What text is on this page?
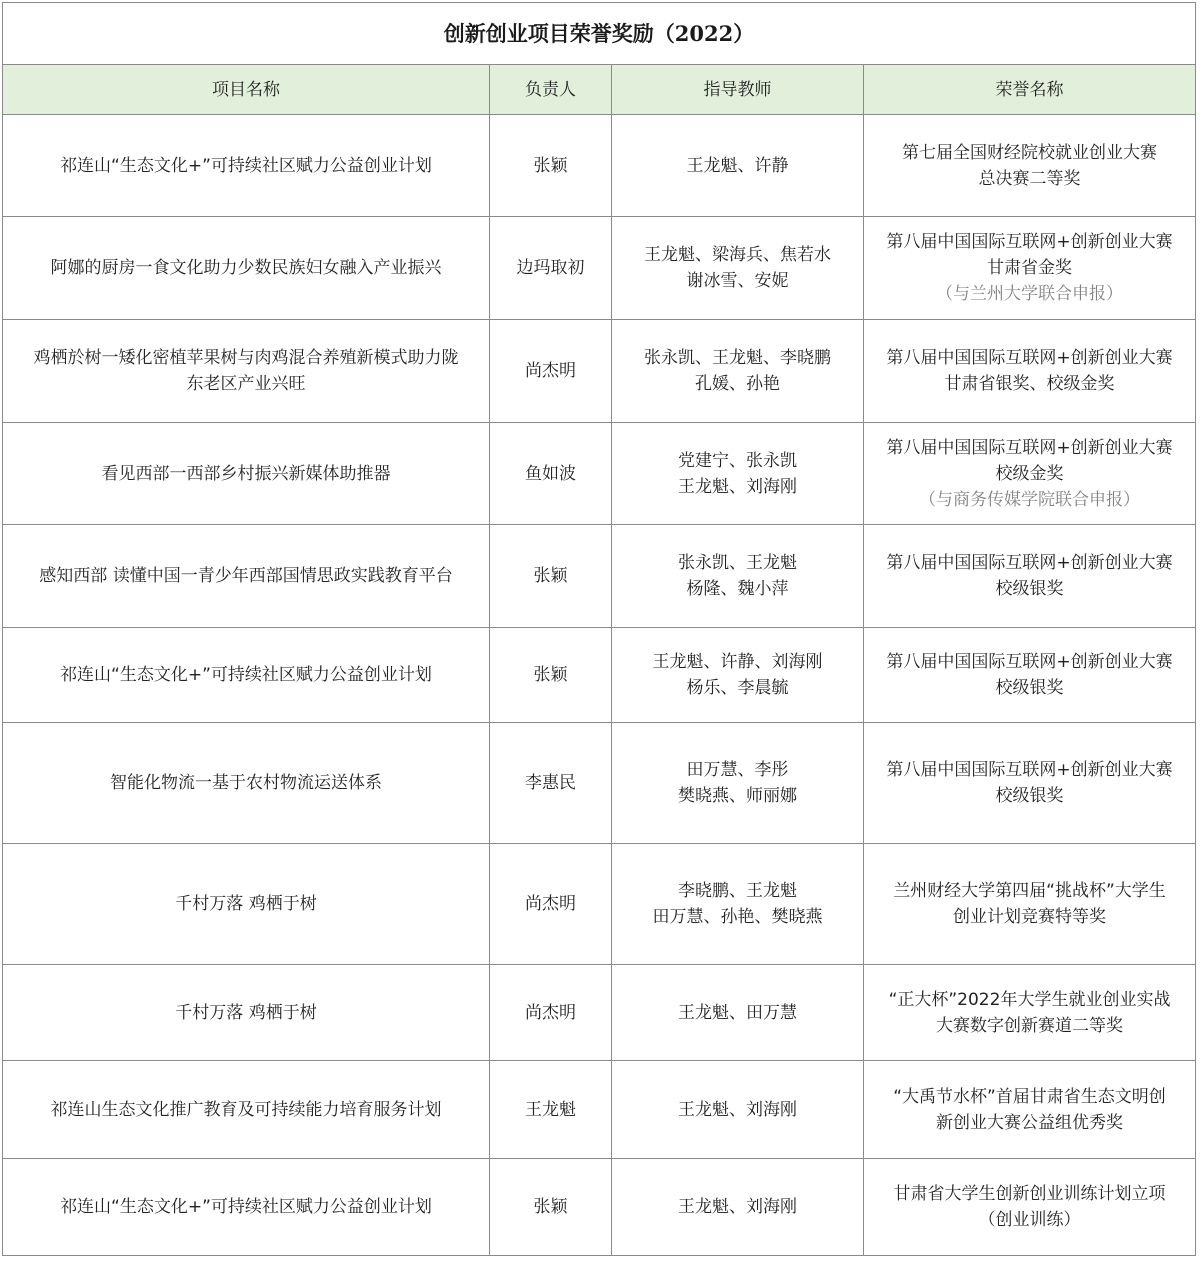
创新创业项目荣誉奖励（2022）			
项目名称	负责人	指导教师	荣誉名称

祁连山“生态文化+”可持续社区赋力公益创业计划	张颖	王龙魁、许静	第七届全国财经院校就业创业大赛
总决赛二等奖

阿娜的厨房一食文化助力少数民族妇女融入产业振兴	边玛取初	王龙魁、梁海兵、焦若水
谢冰雪、安妮	第八届中国国际互联网+创新创业大赛
甘肃省金奖
（与兰州大学联合申报）

鸡栖於树一矮化密植苹果树与肉鸡混合养殖新模式助力陇
东老区产业兴旺	尚杰明	张永凯、王龙魁、李晓鹏
孔媛、孙艳	第八届中国国际互联网+创新创业大赛
甘肃省银奖、校级金奖

看见西部一西部乡村振兴新媒体助推器	鱼如波	党建宁、张永凯
王龙魁、刘海刚	第八届中国国际互联网+创新创业大赛
校级金奖
（与商务传媒学院联合申报）

感知西部 读懂中国一青少年西部国情思政实践教育平台	张颖	张永凯、王龙魁
杨隆、魏小萍	第八届中国国际互联网+创新创业大赛
校级银奖

祁连山“生态文化+”可持续社区赋力公益创业计划	张颖	王龙魁、许静、刘海刚
杨乐、李晨毓	第八届中国国际互联网+创新创业大赛
校级银奖

智能化物流一基于农村物流运送体系	李惠民	田万慧、李彤
樊晓燕、师丽娜	第八届中国国际互联网+创新创业大赛
校级银奖

千村万落 鸡栖于树	尚杰明	李晓鹏、王龙魁
田万慧、孙艳、樊晓燕	兰州财经大学第四届“挑战杯”大学生
创业计划竞赛特等奖

千村万落 鸡栖于树	尚杰明	王龙魁、田万慧	“正大杯”2022年大学生就业创业实战
大赛数字创新赛道二等奖

祁连山生态文化推广教育及可持续能力培育服务计划	王龙魁	王龙魁、刘海刚	“大禹节水杯”首届甘肃省生态文明创
新创业大赛公益组优秀奖

祁连山“生态文化+”可持续社区赋力公益创业计划	张颖	王龙魁、刘海刚	甘肃省大学生创新创业训练计划立项
（创业训练）
